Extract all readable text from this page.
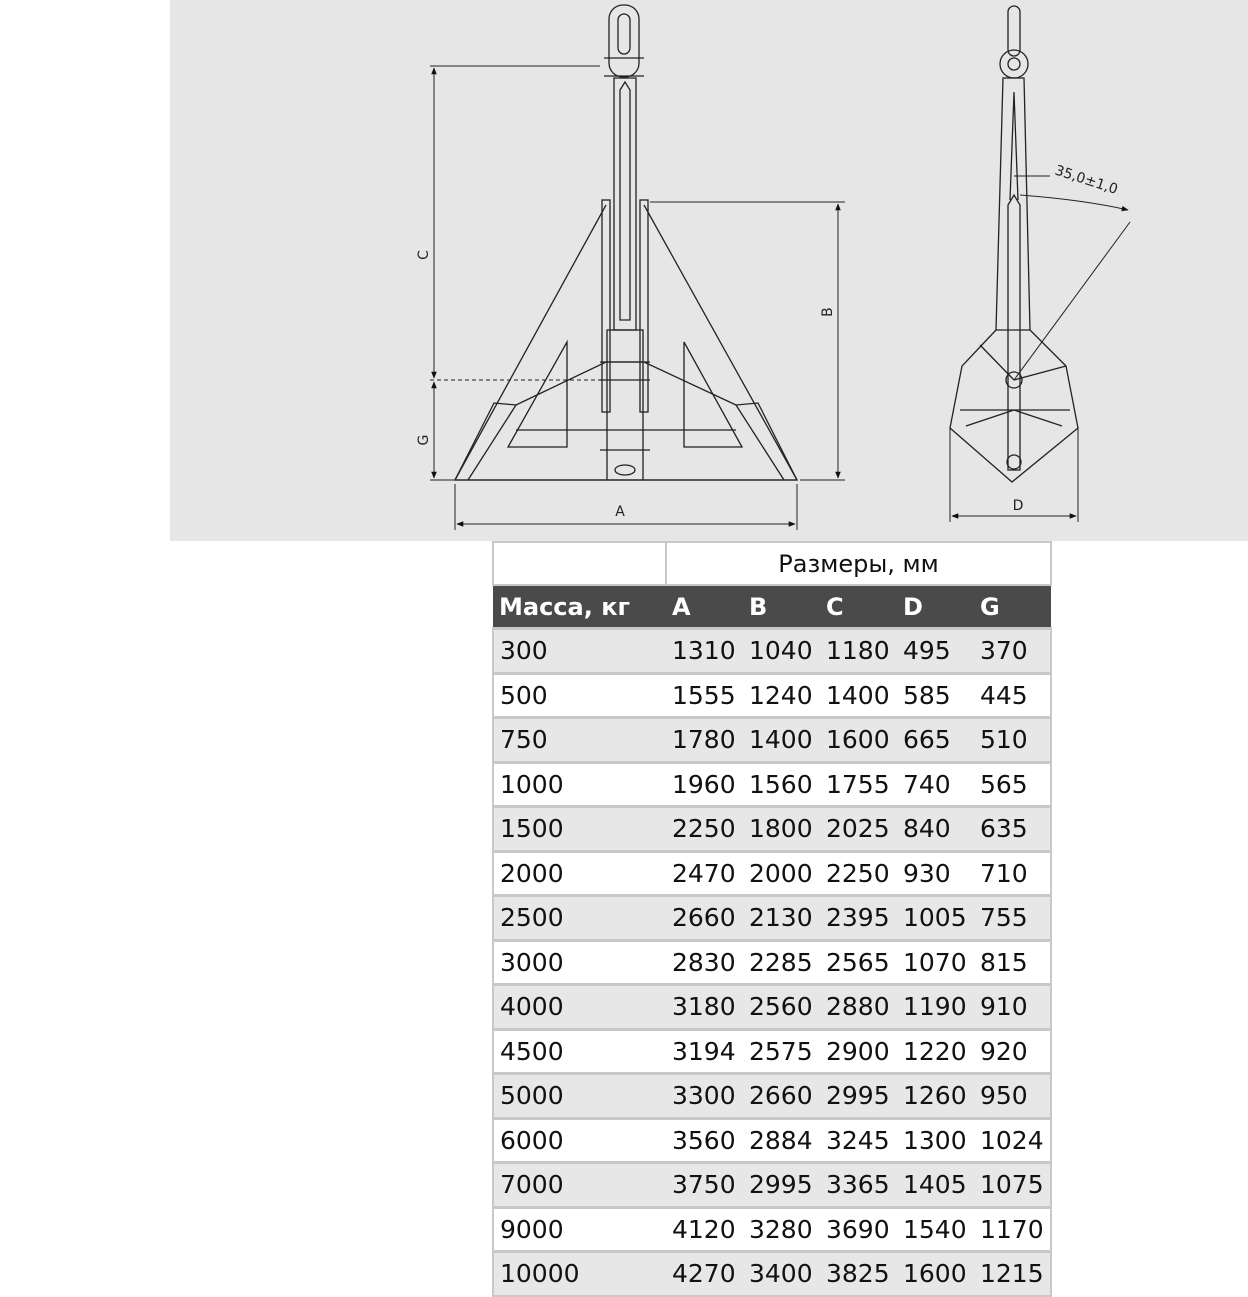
C
G
B
A	D
35,0±1,0
	Размеры, мм				
Масса, кг	A	B	C	D	G
300	1310	1040	1180	495	370
500	1555	1240	1400	585	445
750	1780	1400	1600	665	510
1000	1960	1560	1755	740	565
1500	2250	1800	2025	840	635
2000	2470	2000	2250	930	710
2500	2660	2130	2395	1005	755
3000	2830	2285	2565	1070	815
4000	3180	2560	2880	1190	910
4500	3194	2575	2900	1220	920
5000	3300	2660	2995	1260	950
6000	3560	2884	3245	1300	1024
7000	3750	2995	3365	1405	1075
9000	4120	3280	3690	1540	1170
10000	4270	3400	3825	1600	1215
